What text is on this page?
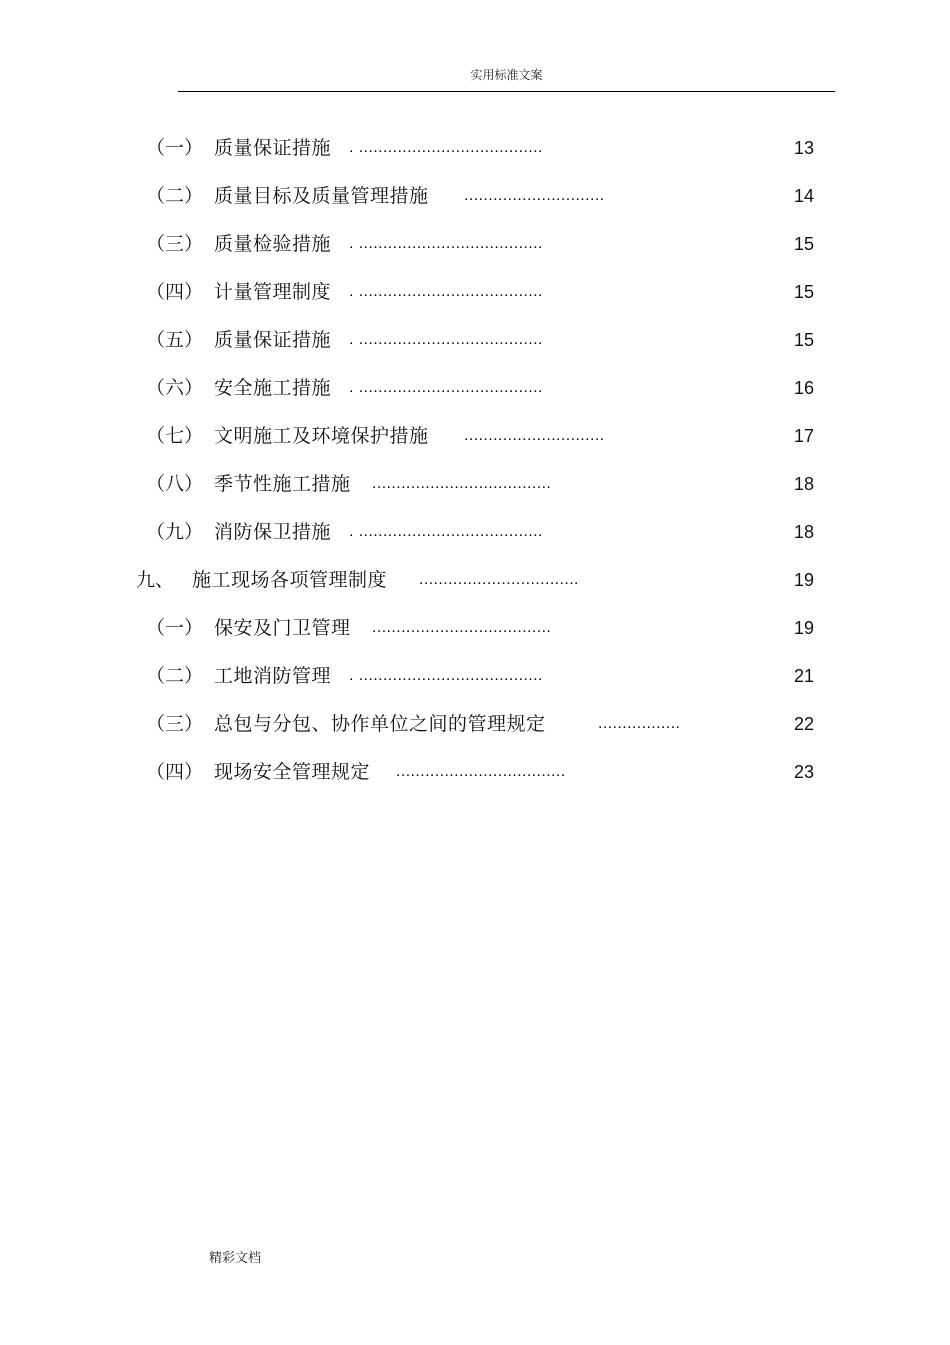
实用标准文案
（一） 质量保证措施 . ......................................	13
（二） 质量目标及质量管理措施 .............................	14
（三） 质量检验措施 . ......................................	15
（四） 计量管理制度 . ......................................	15
（五） 质量保证措施 . ......................................	15
（六） 安全施工措施 . ......................................	16
（七） 文明施工及环境保护措施 .............................	17
（八） 季节性施工措施 .....................................	18
（九） 消防保卫措施 . ......................................	18
九、 施工现场各项管理制度 .................................	19
（一） 保安及门卫管理 .....................................	19
（二） 工地消防管理 . ......................................	21
（三） 总包与分包、协作单位之间的管理规定	.................	22
（四） 现场安全管理规定 ...................................	23
精彩文档
